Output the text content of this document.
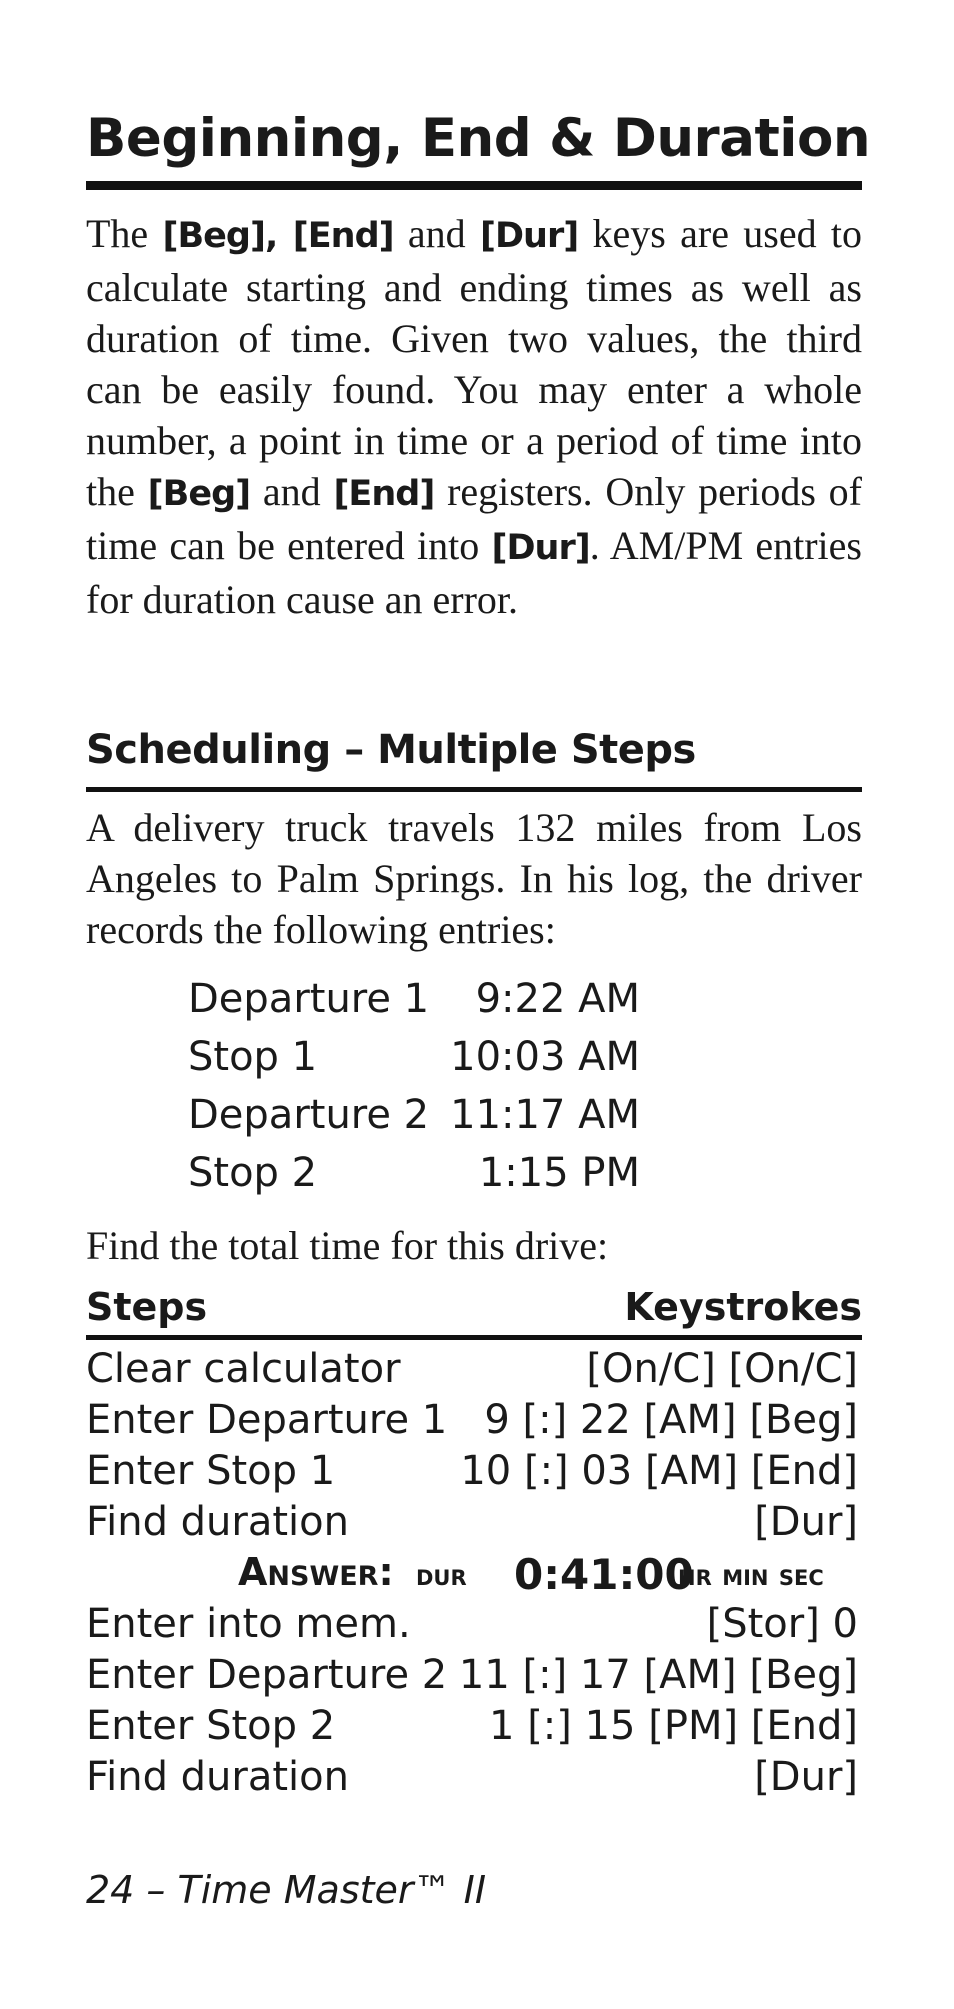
Beginning, End & Duration

The [Beg], [End] and [Dur] keys are used to calculate starting and ending times as well as duration of time. Given two values, the third can be easily found. You may enter a whole number, a point in time or a period of time into the [Beg] and [End] registers. Only periods of time can be entered into [Dur]. AM/PM entries for duration cause an error.

Scheduling – Multiple Steps

A delivery truck travels 132 miles from Los Angeles to Palm Springs. In his log, the driver records the following entries:

Departure 1	9:22 AM
Stop 1	10:03 AM
Departure 2 11:17 AM
Stop 2	1:15 PM

Find the total time for this drive:

Steps	Keystrokes
Clear calculator	[On/C] [On/C]
Enter Departure 1 9 [:] 22 [AM] [Beg]
Enter Stop 1	10 [:] 03 [AM] [End]
Find duration	[Dur]
Answer: dur 0:41:00
hr min sec
Enter into mem.	[Stor] 0
Enter Departure 2 11 [:] 17 [AM] [Beg]
Enter Stop 2	1 [:] 15 [PM] [End]
Find duration	[Dur]
24 – Time Master™ II
